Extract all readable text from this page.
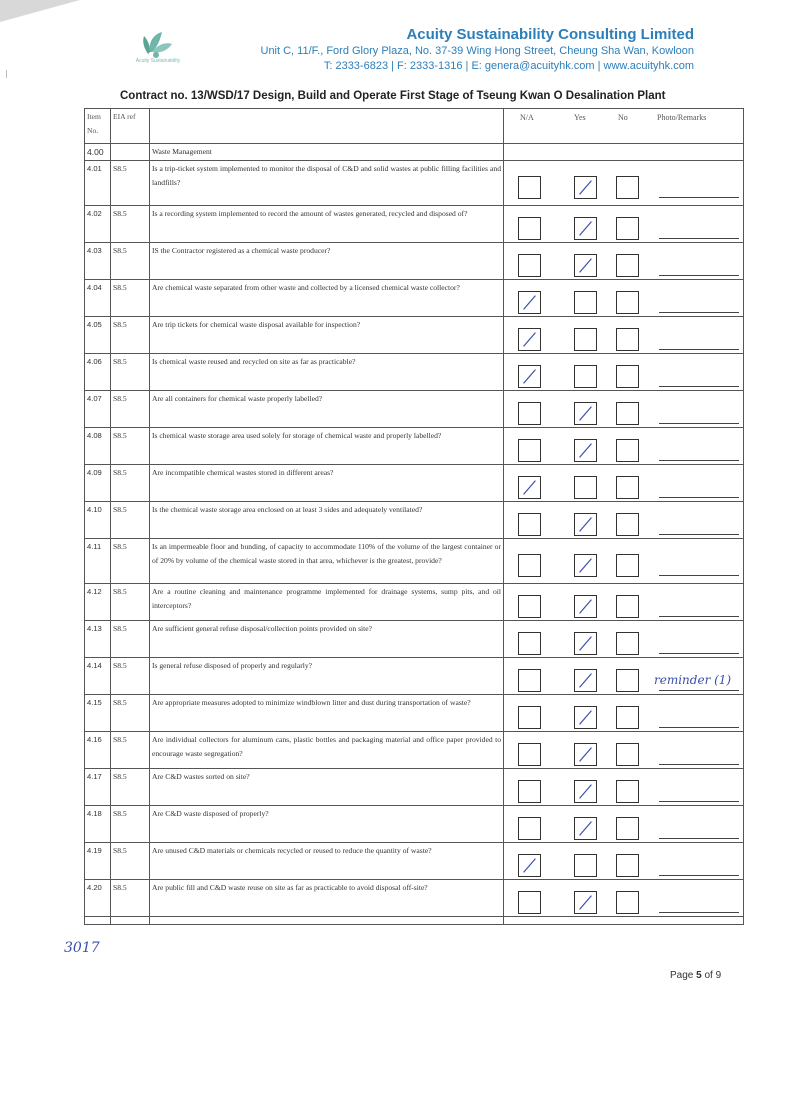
Acuity Sustainability
Acuity Sustainability Consulting Limited
Unit C, 11/F., Ford Glory Plaza, No. 37-39 Wing Hong Street, Cheung Sha Wan, Kowloon
T: 2333-6823 | F: 2333-1316 | E: genera@acuityhk.com | www.acuityhk.com
Contract no. 13/WSD/17 Design, Build and Operate First Stage of Tseung Kwan O Desalination Plant
Item No.	EIA ref		N/A Yes No Photo/Remarks

4.00		Waste Management	
4.01	S8.5	Is a trip-ticket system implemented to monitor the disposal of C&D and solid wastes at public filling facilities and landfills?	

4.02	S8.5	Is a recording system implemented to record the amount of wastes generated, recycled and disposed of?	

4.03	S8.5	IS the Contractor registered as a chemical waste producer?	

4.04	S8.5	Are chemical waste separated from other waste and collected by a licensed chemical waste collector?	

4.05	S8.5	Are trip tickets for chemical waste disposal available for inspection?	

4.06	S8.5	Is chemical waste reused and recycled on site as far as practicable?	

4.07	S8.5	Are all containers for chemical waste properly labelled?	

4.08	S8.5	Is chemical waste storage area used solely for storage of chemical waste and properly labelled?	

4.09	S8.5	Are incompatible chemical wastes stored in different areas?	

4.10	S8.5	Is the chemical waste storage area enclosed on at least 3 sides and adequately ventilated?	

4.11	S8.5	Is an impermeable floor and bunding, of capacity to accommodate 110% of the volume of the largest container or of 20% by volume of the chemical waste stored in that area, whichever is the greatest, provide?	

4.12	S8.5	Are a routine cleaning and maintenance programme implemented for drainage systems, sump pits, and oil interceptors?	

4.13	S8.5	Are sufficient general refuse disposal/collection points provided on site?	

4.14	S8.5	Is general refuse disposed of properly and regularly?	reminder (1)

4.15	S8.5	Are appropriate measures adopted to minimize windblown litter and dust during transportation of waste?	

4.16	S8.5	Are individual collectors for aluminum cans, plastic bottles and packaging material and office paper provided to encourage waste segregation?	

4.17	S8.5	Are C&D wastes sorted on site?	

4.18	S8.5	Are C&D waste disposed of properly?	

4.19	S8.5	Are unused C&D materials or chemicals recycled or reused to reduce the quantity of waste?	

4.20	S8.5	Are public fill and C&D waste reuse on site as far as practicable to avoid disposal off-site?	

3017
Page 5 of 9
